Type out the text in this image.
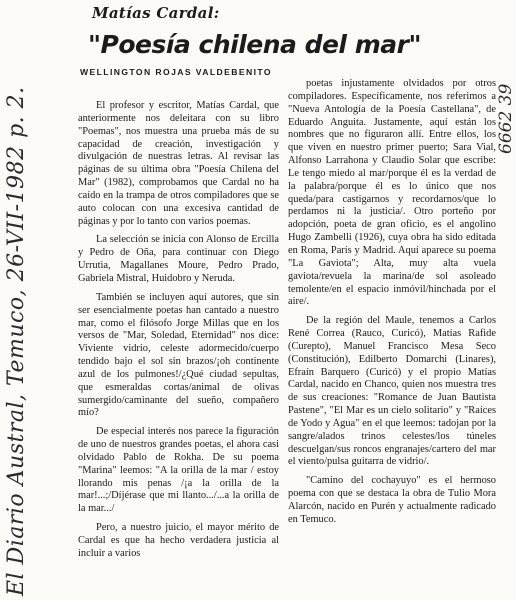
Matías Cardal:
"Poesía chilena del mar"
WELLINGTON ROJAS VALDEBENITO

El profesor y escritor, Matías Cardal, que anteriormente nos deleitara con su libro "Poemas", nos muestra una prueba más de su capacidad de creación, investigación y divulgación de nuestras letras. Al revisar las páginas de su última obra "Poesía Chilena del Mar" (1982), comprobamos que Cardal no ha caído en la trampa de otros compiladores que se auto colocan con una excesiva cantidad de páginas y por lo tanto con varios poemas.

La selección se inicia con Alonso de Ercilla y Pedro de Oña, para continuar con Diego Urrutia, Magallanes Moure, Pedro Prado, Gabriela Mistral, Huidobro y Neruda.

También se incluyen aquí autores, que sin ser esencialmente poetas han cantado a nuestro mar, como el filósofo Jorge Millas que en los versos de "Mar, Soledad, Eternidad" nos dice: Viviente vidrio, celeste adormecido/cuerpo tendido bajo el sol sin brazos/¡oh continente azul de los pulmones!/¿Qué ciudad sepultas, que esmeraldas cortas/animal de olivas sumergido/caminante del sueño, compañero mío?

De especial interés nos parece la figuración de uno de nuestros grandes poetas, el ahora casi olvidado Pablo de Rokha. De su poema "Marina" leemos: "A la orilla de la mar / estoy llorando mis penas /¡a la orilla de la mar!...;/Díjérase que mi llanto.../...a la orilla de la mar.../

Pero, a nuestro juicio, el mayor mérito de Cardal es que ha hecho verdadera justicia al incluir a varios

poetas injustamente olvidados por otros compiladores. Específicamente, nos referimos a "Nueva Antología de la Poesía Castellana", de Eduardo Anguita. Justamente, aquí están los nombres que no figuraron allí. Entre ellos, los que viven en nuestro primer puerto; Sara Vial, Alfonso Larrahona y Claudio Solar que escribe: Le tengo miedo al mar/porque él es la verdad de la palabra/porque él es lo único que nos queda/para castigarnos y recordarnos/que lo perdamos ni la justicia/. Otro porteño por adopción, poeta de gran oficio, es el angolino Hugo Zambelli (1926), cuya obra ha sido editada en Roma, París y Madrid. Aquí aparece su poema "La Gaviota"; Alta, muy alta vuela gaviota/revuela la marina/de sol asoleado temolente/en el espacio inmóvil/hinchada por el aire/.

De la región del Maule, tenemos a Carlos René Correa (Rauco, Curicó), Matías Rafide (Curepto), Manuel Francisco Mesa Seco (Constitución), Edilberto Domarchi (Linares), Efraín Barquero (Curicó) y el propio Matías Cardal, nacido en Chanco, quien nos muestra tres de sus creaciones: "Romance de Juan Bautista Pastene", "El Mar es un cielo solitario" y "Raíces de Yodo y Agua" en el que leemos: tadojan por la sangre/alados trinos celestes/los túneles descuelgan/sus roncos engranajes/cartero del mar el viento/pulsa guitarra de vidrio/.

"Camino del cochayuyo" es el hermoso poema con que se destaca la obra de Tulio Mora Alarcón, nacido en Purén y actualmente radicado en Temuco.

El Diario Austral, Temuco, 26-VII-1982 p. 2.	6662 39
